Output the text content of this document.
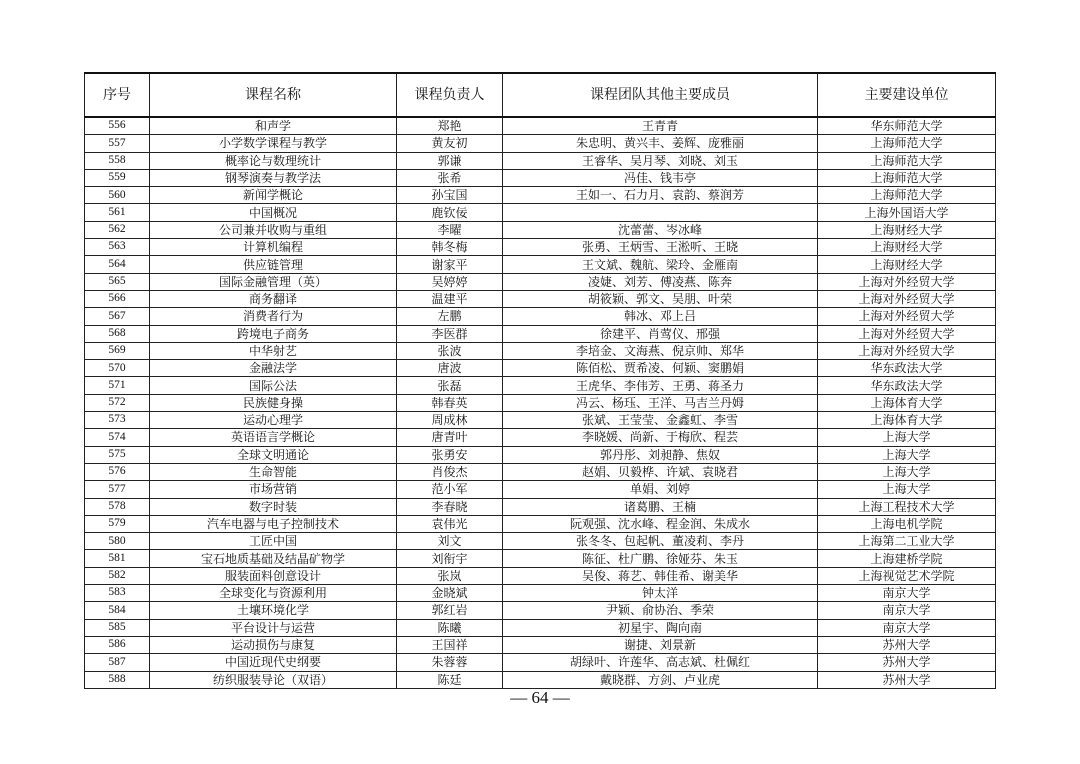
序号	课程名称	课程负责人	课程团队其他主要成员	主要建设单位
556	和声学	郑艳	王青青	华东师范大学
557	小学数学课程与教学	黄友初	朱忠明、黄兴丰、姜辉、庞雅丽	上海师范大学
558	概率论与数理统计	郭谦	王睿华、吴月琴、刘晓、刘玉	上海师范大学
559	钢琴演奏与教学法	张希	冯佳、钱韦亭	上海师范大学
560	新闻学概论	孙宝国	王如一、石力月、袁韵、蔡润芳	上海师范大学
561	中国概况	鹿钦佞		上海外国语大学
562	公司兼并收购与重组	李曜	沈蕾蕾、岑冰峰	上海财经大学
563	计算机编程	韩冬梅	张勇、王炳雪、王淞听、王晓	上海财经大学
564	供应链管理	谢家平	王文斌、魏航、梁玲、金雁南	上海财经大学
565	国际金融管理（英）	吴婷婷	凌婕、刘芳、傅凌燕、陈奔	上海对外经贸大学
566	商务翻译	温建平	胡筱颖、郭文、吴朋、叶荣	上海对外经贸大学
567	消费者行为	左鹏	韩冰、邓上吕	上海对外经贸大学
568	跨境电子商务	李医群	徐建平、肖莺仪、邢强	上海对外经贸大学
569	中华射艺	张波	李培金、文海燕、倪京帅、郑华	上海对外经贸大学
570	金融法学	唐波	陈佰松、贾希凌、何颖、窦鹏娟	华东政法大学
571	国际公法	张磊	王虎华、李伟芳、王勇、蒋圣力	华东政法大学
572	民族健身操	韩春英	冯云、杨珏、王洋、马吉兰丹姆	上海体育大学
573	运动心理学	周成林	张斌、王莹莹、金鑫虹、李雪	上海体育大学
574	英语语言学概论	唐青叶	李晓媛、尚新、于梅欣、程芸	上海大学
575	全球文明通论	张勇安	郭丹彤、刘昶静、焦奴	上海大学
576	生命智能	肖俊杰	赵娟、贝毅桦、许斌、袁晓君	上海大学
577	市场营销	范小军	单娟、刘婷	上海大学
578	数字时装	李春晓	诸葛鹏、王楠	上海工程技术大学
579	汽车电器与电子控制技术	袁伟光	阮观强、沈水峰、程金润、朱成水	上海电机学院
580	工匠中国	刘文	张冬冬、包起帆、董凌莉、李丹	上海第二工业大学
581	宝石地质基础及结晶矿物学	刘衔宇	陈征、杜广鹏、徐娅芬、朱玉	上海建桥学院
582	服装面料创意设计	张岚	吴俊、蒋艺、韩佳希、谢美华	上海视觉艺术学院
583	全球变化与资源利用	金晓斌	钟太洋	南京大学
584	土壤环境化学	郭红岩	尹颖、俞协治、季荣	南京大学
585	平台设计与运营	陈曦	初星宇、陶向南	南京大学
586	运动损伤与康复	王国祥	谢捷、刘景新	苏州大学
587	中国近现代史纲要	朱蓉蓉	胡绿叶、许莲华、高志斌、杜佩红	苏州大学
588	纺织服装导论（双语）	陈廷	戴晓群、方剑、卢业虎	苏州大学
— 64 —
